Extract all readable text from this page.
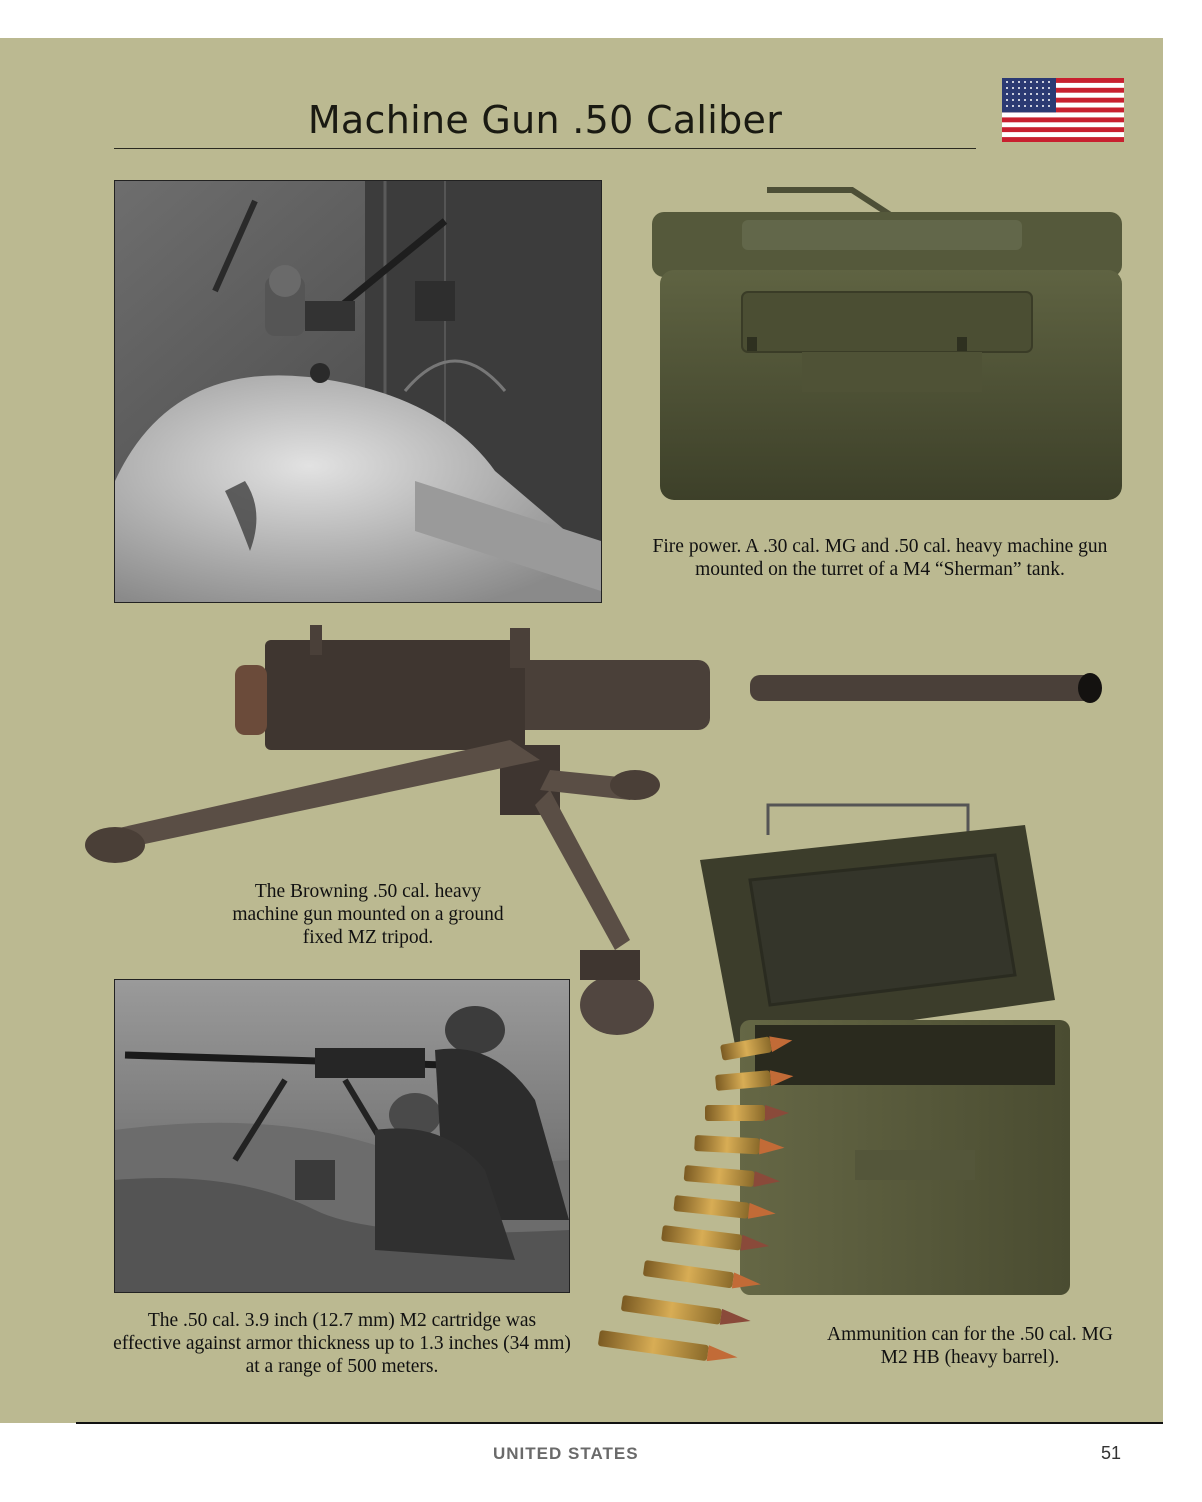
Machine Gun .50 Caliber
Fire power. A .30 cal. MG and .50 cal. heavy machine gun mounted on the turret of a M4 “Sherman” tank.
The Browning .50 cal. heavy machine gun mounted on a ground fixed MZ tripod.
The .50 cal. 3.9 inch (12.7 mm) M2 cartridge was effective against armor thickness up to 1.3 inches (34 mm) at a range of 500 meters.
Ammunition can for the .50 cal. MG M2 HB (heavy barrel).
UNITED STATES	51
